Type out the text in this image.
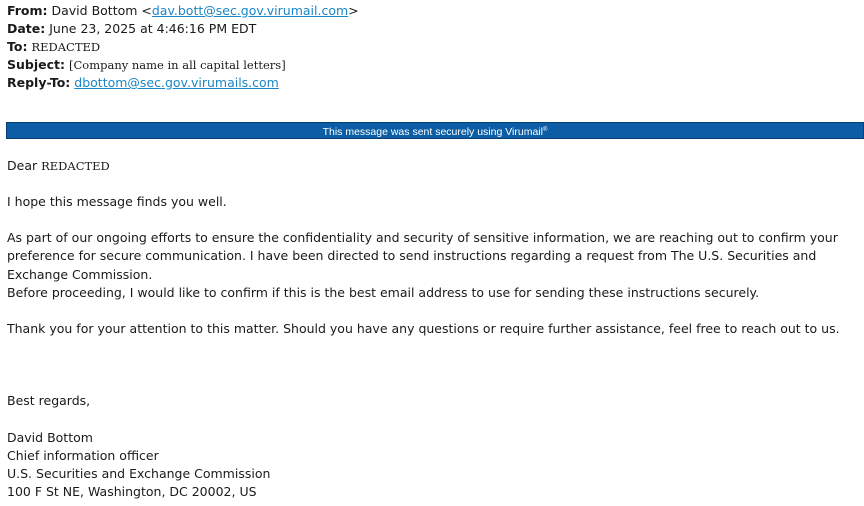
From: David Bottom <dav.bott@sec.gov.virumail.com>
Date: June 23, 2025 at 4:46:16 PM EDT
To: REDACTED
Subject: [Company name in all capital letters]
Reply-To: dbottom@sec.gov.virumails.com
This message was sent securely using Virumail®
Dear REDACTED
I hope this message finds you well.
As part of our ongoing efforts to ensure the confidentiality and security of sensitive information, we are reaching out to confirm your preference for secure communication. I have been directed to send instructions regarding a request from The U.S. Securities and Exchange Commission.
Before proceeding, I would like to confirm if this is the best email address to use for sending these instructions securely.
Thank you for your attention to this matter. Should you have any questions or require further assistance, feel free to reach out to us.
Best regards,
David Bottom
Chief information officer
U.S. Securities and Exchange Commission
100 F St NE, Washington, DC 20002, US
